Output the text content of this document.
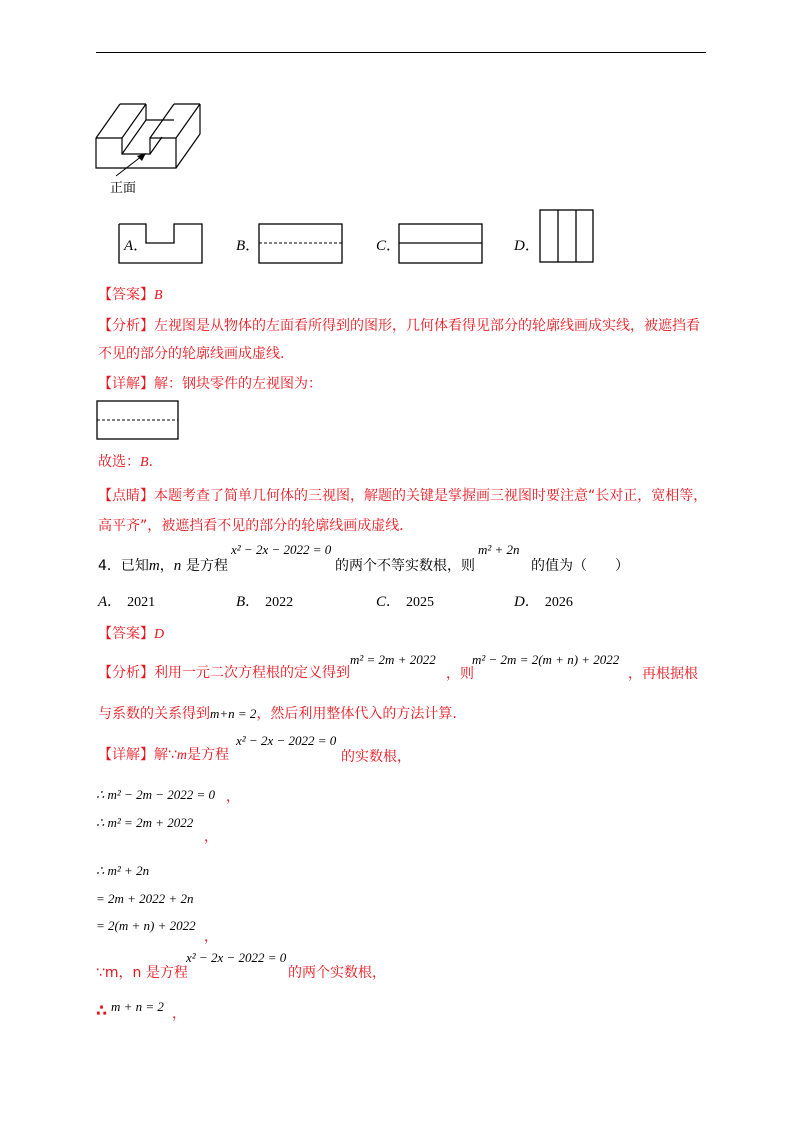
正面
A．	B．	C．	D．
【答案】B
【分析】左视图是从物体的左面看所得到的图形，几何体看得见部分的轮廓线画成实线，被遮挡看
不见的部分的轮廓线画成虚线.
【详解】解：钢块零件的左视图为：
故选：B．
【点睛】本题考查了简单几何体的三视图，解题的关键是掌握画三视图时要注意“长对正，宽相等，
高平齐”，被遮挡看不见的部分的轮廓线画成虚线．
4．已知m，n 是方程
x² − 2x − 2022 = 0
的两个不等实数根，则
m² + 2n
的值为（　　）
A． 2021	B． 2022	C． 2025	D． 2026
【答案】D
【分析】利用一元二次方程根的定义得到
m² = 2m + 2022
，则
m² − 2m = 2(m + n) + 2022
，再根据根
与系数的关系得到m+n = 2，然后利用整体代入的方法计算.
【详解】解∵m是方程
x² − 2x − 2022 = 0
的实数根，
∴ m² − 2m − 2022 = 0 ，
∴ m² = 2m + 2022
，
∴ m² + 2n
= 2m + 2022 + 2n
= 2(m + n) + 2022
，
∵m，n 是方程
x² − 2x − 2022 = 0
的两个实数根，
∴ m + n = 2 ，
